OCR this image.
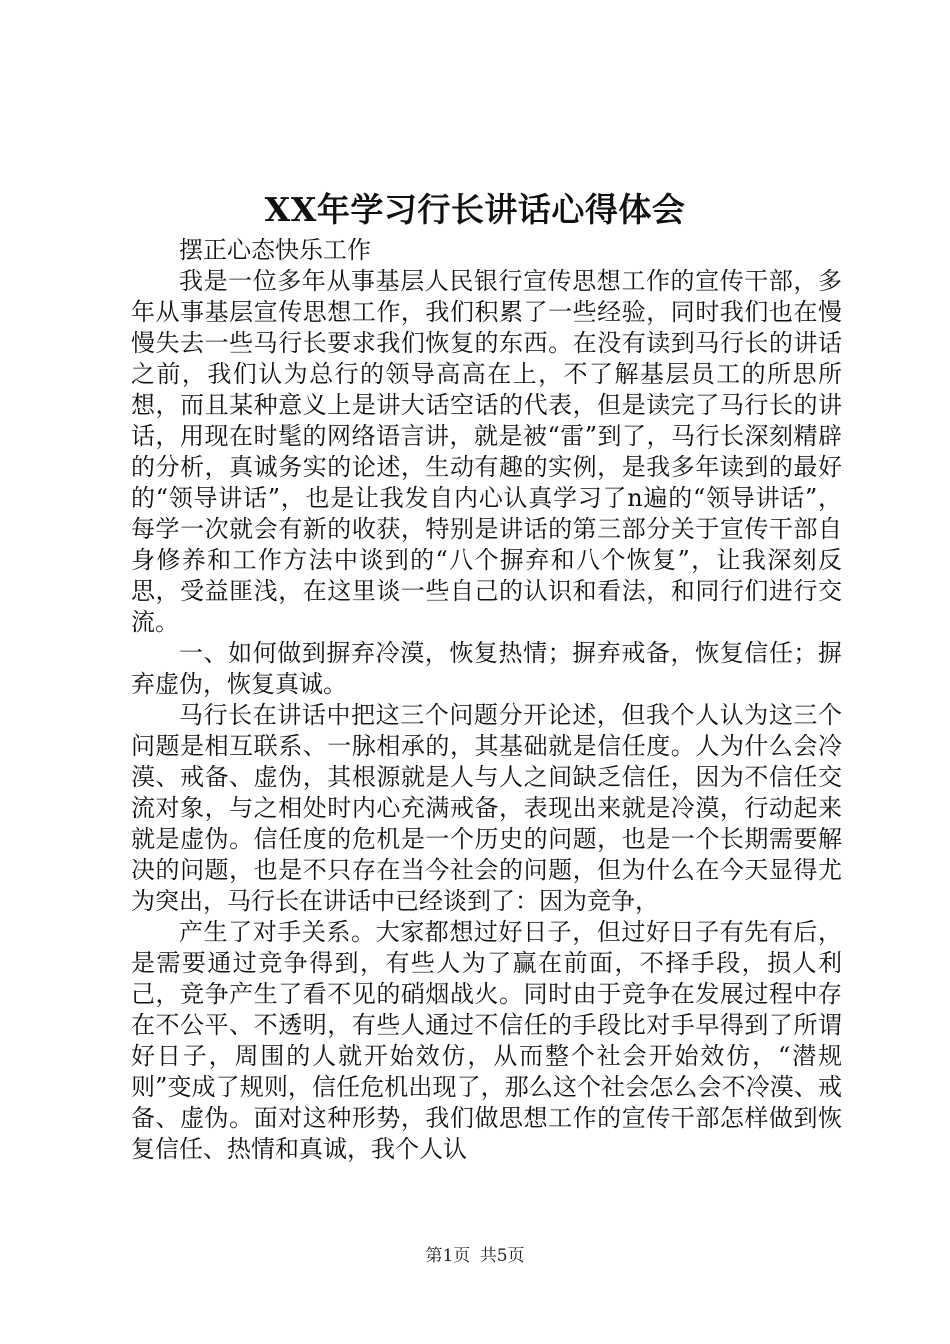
XX年学习行长讲话心得体会

摆正心态快乐工作

我是一位多年从事基层人民银行宣传思想工作的宣传干部，多年从事基层宣传思想工作，我们积累了一些经验，同时我们也在慢慢失去一些马行长要求我们恢复的东西。在没有读到马行长的讲话之前，我们认为总行的领导高高在上，不了解基层员工的所思所想，而且某种意义上是讲大话空话的代表，但是读完了马行长的讲话，用现在时髦的网络语言讲，就是被“雷”到了，马行长深刻精辟的分析，真诚务实的论述，生动有趣的实例，是我多年读到的最好的“领导讲话”，也是让我发自内心认真学习了n遍的“领导讲话”，每学一次就会有新的收获，特别是讲话的第三部分关于宣传干部自身修养和工作方法中谈到的“八个摒弃和八个恢复”，让我深刻反思，受益匪浅，在这里谈一些自己的认识和看法，和同行们进行交流。

一、如何做到摒弃冷漠，恢复热情；摒弃戒备，恢复信任；摒弃虚伪，恢复真诚。

马行长在讲话中把这三个问题分开论述，但我个人认为这三个问题是相互联系、一脉相承的，其基础就是信任度。人为什么会冷漠、戒备、虚伪，其根源就是人与人之间缺乏信任，因为不信任交流对象，与之相处时内心充满戒备，表现出来就是冷漠，行动起来就是虚伪。信任度的危机是一个历史的问题，也是一个长期需要解决的问题，也是不只存在当今社会的问题，但为什么在今天显得尤为突出，马行长在讲话中已经谈到了：因为竞争，

产生了对手关系。大家都想过好日子，但过好日子有先有后，是需要通过竞争得到，有些人为了赢在前面，不择手段，损人利己，竞争产生了看不见的硝烟战火。同时由于竞争在发展过程中存在不公平、不透明，有些人通过不信任的手段比对手早得到了所谓好日子，周围的人就开始效仿，从而整个社会开始效仿，“潜规则”变成了规则，信任危机出现了，那么这个社会怎么会不冷漠、戒备、虚伪。面对这种形势，我们做思想工作的宣传干部怎样做到恢复信任、热情和真诚，我个人认

第1页 共5页
